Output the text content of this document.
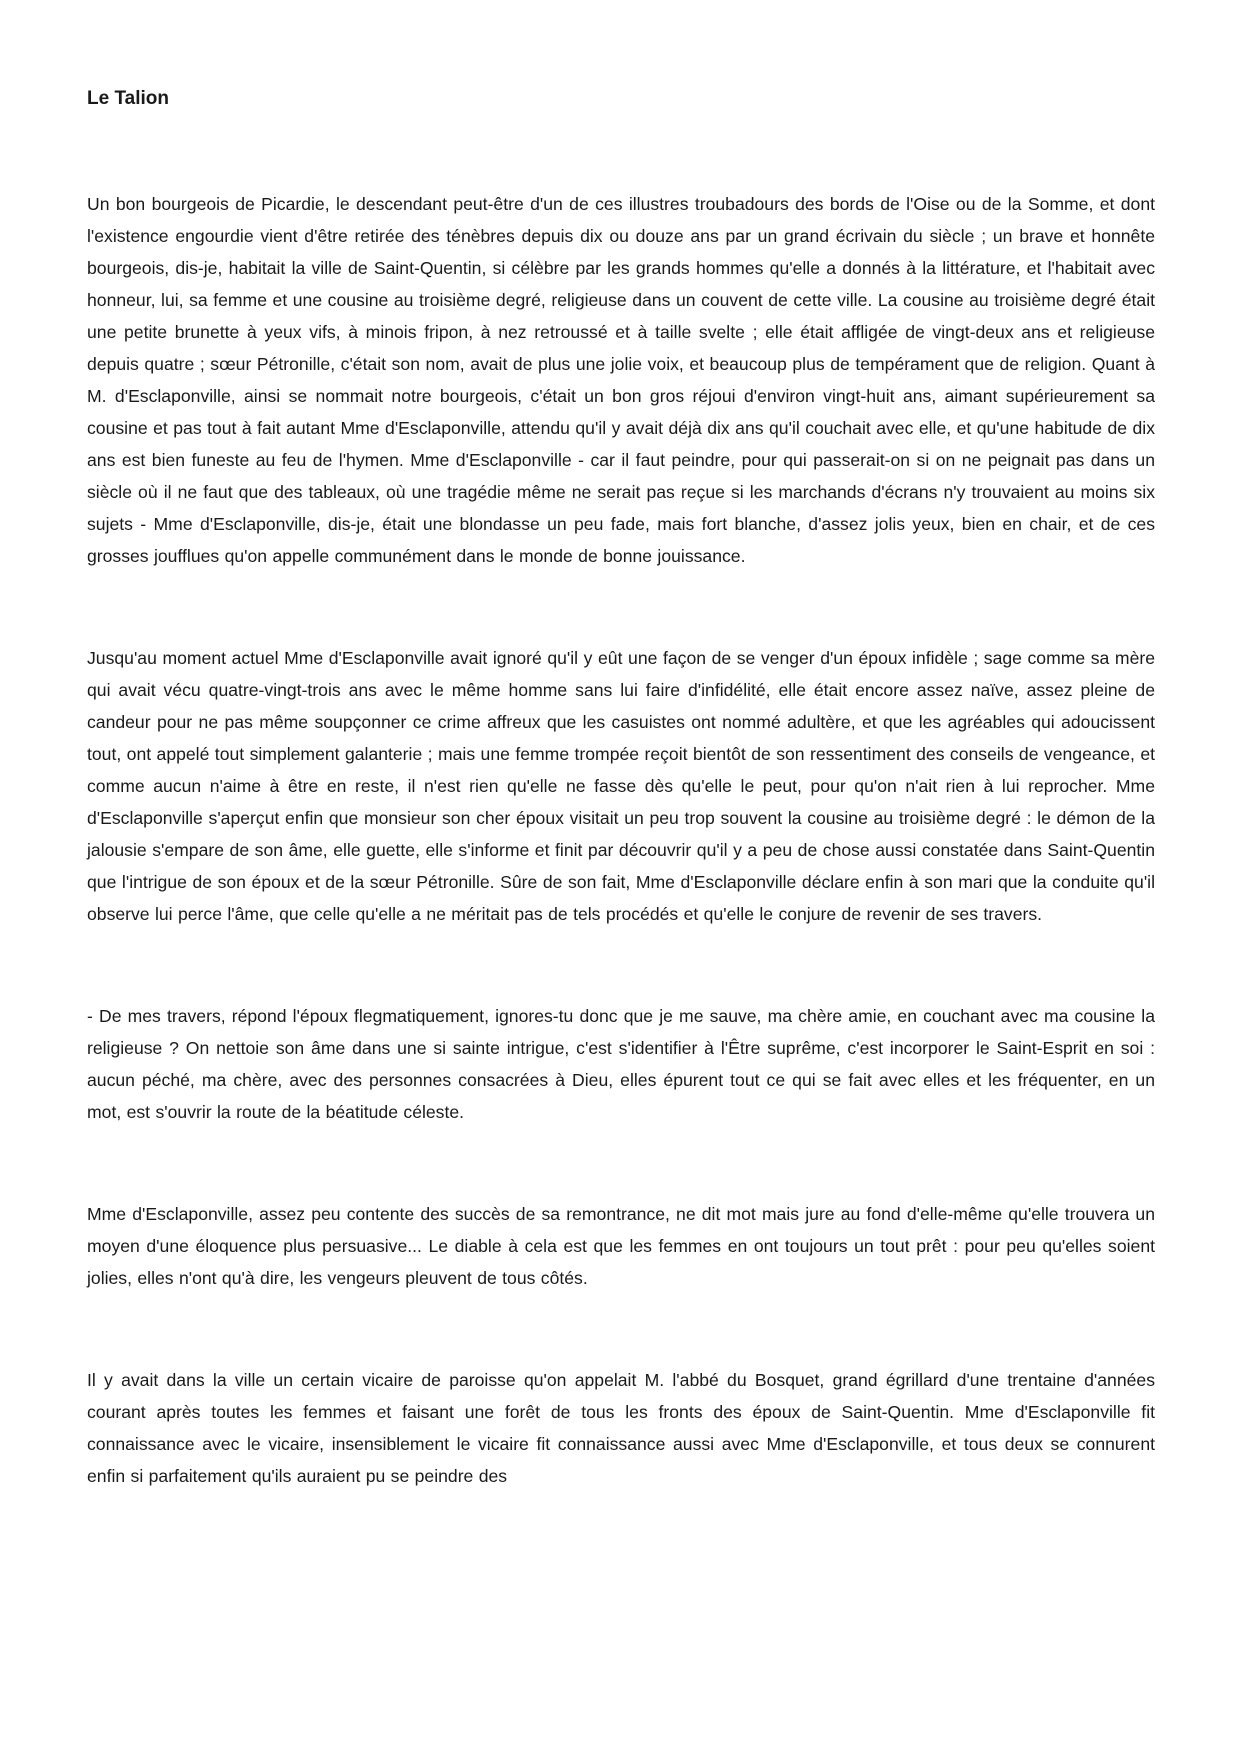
Le Talion

Un bon bourgeois de Picardie, le descendant peut-être d'un de ces illustres troubadours des bords de l'Oise ou de la Somme, et dont l'existence engourdie vient d'être retirée des ténèbres depuis dix ou douze ans par un grand écrivain du siècle ; un brave et honnête bourgeois, dis-je, habitait la ville de Saint-Quentin, si célèbre par les grands hommes qu'elle a donnés à la littérature, et l'habitait avec honneur, lui, sa femme et une cousine au troisième degré, religieuse dans un couvent de cette ville. La cousine au troisième degré était une petite brunette à yeux vifs, à minois fripon, à nez retroussé et à taille svelte ; elle était affligée de vingt-deux ans et religieuse depuis quatre ; sœur Pétronille, c'était son nom, avait de plus une jolie voix, et beaucoup plus de tempérament que de religion. Quant à M. d'Esclaponville, ainsi se nommait notre bourgeois, c'était un bon gros réjoui d'environ vingt-huit ans, aimant supérieurement sa cousine et pas tout à fait autant Mme d'Esclaponville, attendu qu'il y avait déjà dix ans qu'il couchait avec elle, et qu'une habitude de dix ans est bien funeste au feu de l'hymen. Mme d'Esclaponville - car il faut peindre, pour qui passerait-on si on ne peignait pas dans un siècle où il ne faut que des tableaux, où une tragédie même ne serait pas reçue si les marchands d'écrans n'y trouvaient au moins six sujets - Mme d'Esclaponville, dis-je, était une blondasse un peu fade, mais fort blanche, d'assez jolis yeux, bien en chair, et de ces grosses joufflues qu'on appelle communément dans le monde de bonne jouissance.

Jusqu'au moment actuel Mme d'Esclaponville avait ignoré qu'il y eût une façon de se venger d'un époux infidèle ; sage comme sa mère qui avait vécu quatre-vingt-trois ans avec le même homme sans lui faire d'infidélité, elle était encore assez naïve, assez pleine de candeur pour ne pas même soupçonner ce crime affreux que les casuistes ont nommé adultère, et que les agréables qui adoucissent tout, ont appelé tout simplement galanterie ; mais une femme trompée reçoit bientôt de son ressentiment des conseils de vengeance, et comme aucun n'aime à être en reste, il n'est rien qu'elle ne fasse dès qu'elle le peut, pour qu'on n'ait rien à lui reprocher. Mme d'Esclaponville s'aperçut enfin que monsieur son cher époux visitait un peu trop souvent la cousine au troisième degré : le démon de la jalousie s'empare de son âme, elle guette, elle s'informe et finit par découvrir qu'il y a peu de chose aussi constatée dans Saint-Quentin que l'intrigue de son époux et de la sœur Pétronille. Sûre de son fait, Mme d'Esclaponville déclare enfin à son mari que la conduite qu'il observe lui perce l'âme, que celle qu'elle a ne méritait pas de tels procédés et qu'elle le conjure de revenir de ses travers.

- De mes travers, répond l'époux flegmatiquement, ignores-tu donc que je me sauve, ma chère amie, en couchant avec ma cousine la religieuse ? On nettoie son âme dans une si sainte intrigue, c'est s'identifier à l'Être suprême, c'est incorporer le Saint-Esprit en soi : aucun péché, ma chère, avec des personnes consacrées à Dieu, elles épurent tout ce qui se fait avec elles et les fréquenter, en un mot, est s'ouvrir la route de la béatitude céleste.

Mme d'Esclaponville, assez peu contente des succès de sa remontrance, ne dit mot mais jure au fond d'elle-même qu'elle trouvera un moyen d'une éloquence plus persuasive... Le diable à cela est que les femmes en ont toujours un tout prêt : pour peu qu'elles soient jolies, elles n'ont qu'à dire, les vengeurs pleuvent de tous côtés.

Il y avait dans la ville un certain vicaire de paroisse qu'on appelait M. l'abbé du Bosquet, grand égrillard d'une trentaine d'années courant après toutes les femmes et faisant une forêt de tous les fronts des époux de Saint-Quentin. Mme d'Esclaponville fit connaissance avec le vicaire, insensiblement le vicaire fit connaissance aussi avec Mme d'Esclaponville, et tous deux se connurent enfin si parfaitement qu'ils auraient pu se peindre des
